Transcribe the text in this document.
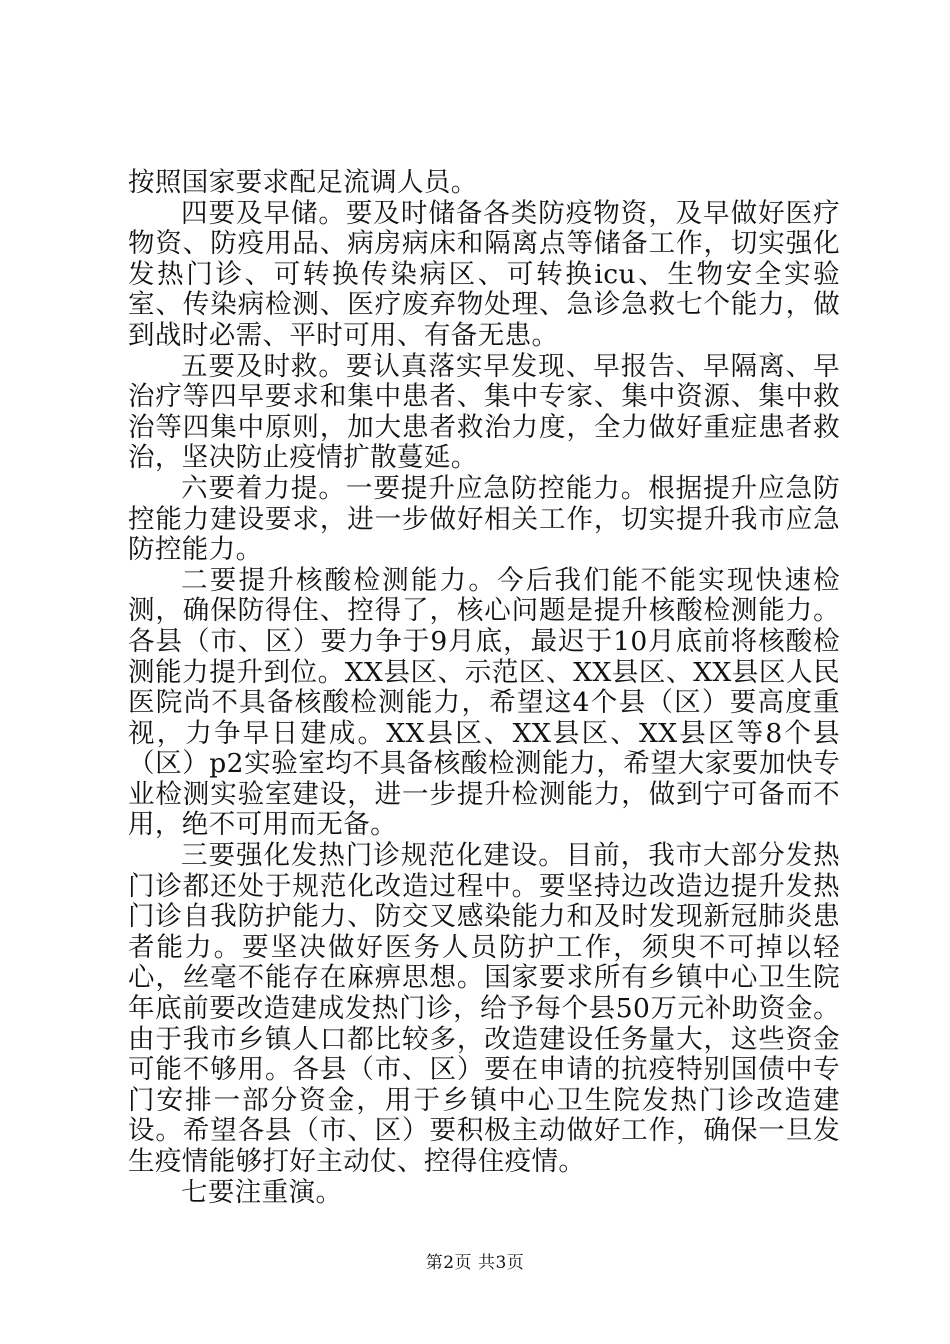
按照国家要求配足流调人员。

四要及早储。要及时储备各类防疫物资，及早做好医疗物资、防疫用品、病房病床和隔离点等储备工作，切实强化发热门诊、可转换传染病区、可转换icu、生物安全实验室、传染病检测、医疗废弃物处理、急诊急救七个能力，做到战时必需、平时可用、有备无患。

五要及时救。要认真落实早发现、早报告、早隔离、早治疗等四早要求和集中患者、集中专家、集中资源、集中救治等四集中原则，加大患者救治力度，全力做好重症患者救治，坚决防止疫情扩散蔓延。

六要着力提。一要提升应急防控能力。根据提升应急防控能力建设要求，进一步做好相关工作，切实提升我市应急防控能力。

二要提升核酸检测能力。今后我们能不能实现快速检测，确保防得住、控得了，核心问题是提升核酸检测能力。各县（市、区）要力争于9月底，最迟于10月底前将核酸检测能力提升到位。XX县区、示范区、XX县区、XX县区人民医院尚不具备核酸检测能力，希望这4个县（区）要高度重视，力争早日建成。XX县区、XX县区、XX县区等8个县（区）p2实验室均不具备核酸检测能力，希望大家要加快专业检测实验室建设，进一步提升检测能力，做到宁可备而不用，绝不可用而无备。

三要强化发热门诊规范化建设。目前，我市大部分发热门诊都还处于规范化改造过程中。要坚持边改造边提升发热门诊自我防护能力、防交叉感染能力和及时发现新冠肺炎患者能力。要坚决做好医务人员防护工作，须臾不可掉以轻心，丝毫不能存在麻痹思想。国家要求所有乡镇中心卫生院年底前要改造建成发热门诊，给予每个县50万元补助资金。由于我市乡镇人口都比较多，改造建设任务量大，这些资金可能不够用。各县（市、区）要在申请的抗疫特别国债中专门安排一部分资金，用于乡镇中心卫生院发热门诊改造建设。希望各县（市、区）要积极主动做好工作，确保一旦发生疫情能够打好主动仗、控得住疫情。

七要注重演。

第2页 共3页
